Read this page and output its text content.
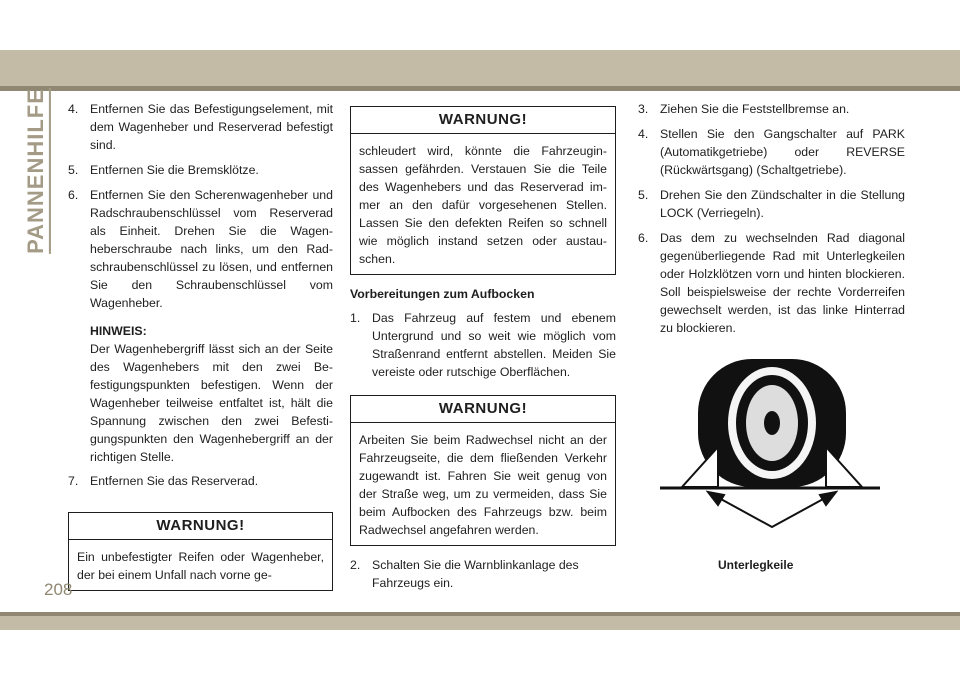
PANNENHILFE 4. Entfernen Sie das Befestigungselement, mit dem Wagenheber und Reserverad befestigt sind.
5. Entfernen Sie die Bremsklötze.
6. Entfernen Sie den Scherenwagenheber und Radschraubenschlüssel vom Reserverad als Einheit. Drehen Sie die Wagenheberschraube nach links, um den Radschraubenschlüssel zu lösen, und entfernen Sie den Schraubenschlüssel vom Wagenheber.
HINWEIS:
Der Wagenhebergriff lässt sich an der Seite des Wagenhebers mit den zwei Befestigungspunkten befestigen. Wenn der Wagenheber teilweise entfaltet ist, hält die Spannung zwischen den zwei Befestigungspunkten den Wagenhebergriff an der richtigen Stelle.
7. Entfernen Sie das Reserverad.
WARNUNG!
Ein unbefestigter Reifen oder Wagenheber, der bei einem Unfall nach vorne ge-
WARNUNG!
schleudert wird, könnte die Fahrzeuginsassen gefährden. Verstauen Sie die Teile des Wagenhebers und das Reserverad immer an den dafür vorgesehenen Stellen. Lassen Sie den defekten Reifen so schnell wie möglich instand setzen oder austauschen.
Vorbereitungen zum Aufbocken
1. Das Fahrzeug auf festem und ebenem Untergrund und so weit wie möglich vom Straßenrand entfernt abstellen. Meiden Sie vereiste oder rutschige Oberflächen.
WARNUNG!
Arbeiten Sie beim Radwechsel nicht an der Fahrzeugseite, die dem fließenden Verkehr zugewandt ist. Fahren Sie weit genug von der Straße weg, um zu vermeiden, dass Sie beim Aufbocken des Fahrzeugs bzw. beim Radwechsel angefahren werden.
2. Schalten Sie die Warnblinkanlage des Fahrzeugs ein.
3. Ziehen Sie die Feststellbremse an.
4. Stellen Sie den Gangschalter auf PARK (Automatikgetriebe) oder REVERSE (Rückwärtsgang) (Schaltgetriebe).
5. Drehen Sie den Zündschalter in die Stellung LOCK (Verriegeln).
6. Das dem zu wechselnden Rad diagonal gegenüberliegende Rad mit Unterlegkeilen oder Holzklötzen vorn und hinten blockieren. Soll beispielsweise der rechte Vorderreifen gewechselt werden, ist das linke Hinterrad zu blockieren.
Unterlegkeile
208
